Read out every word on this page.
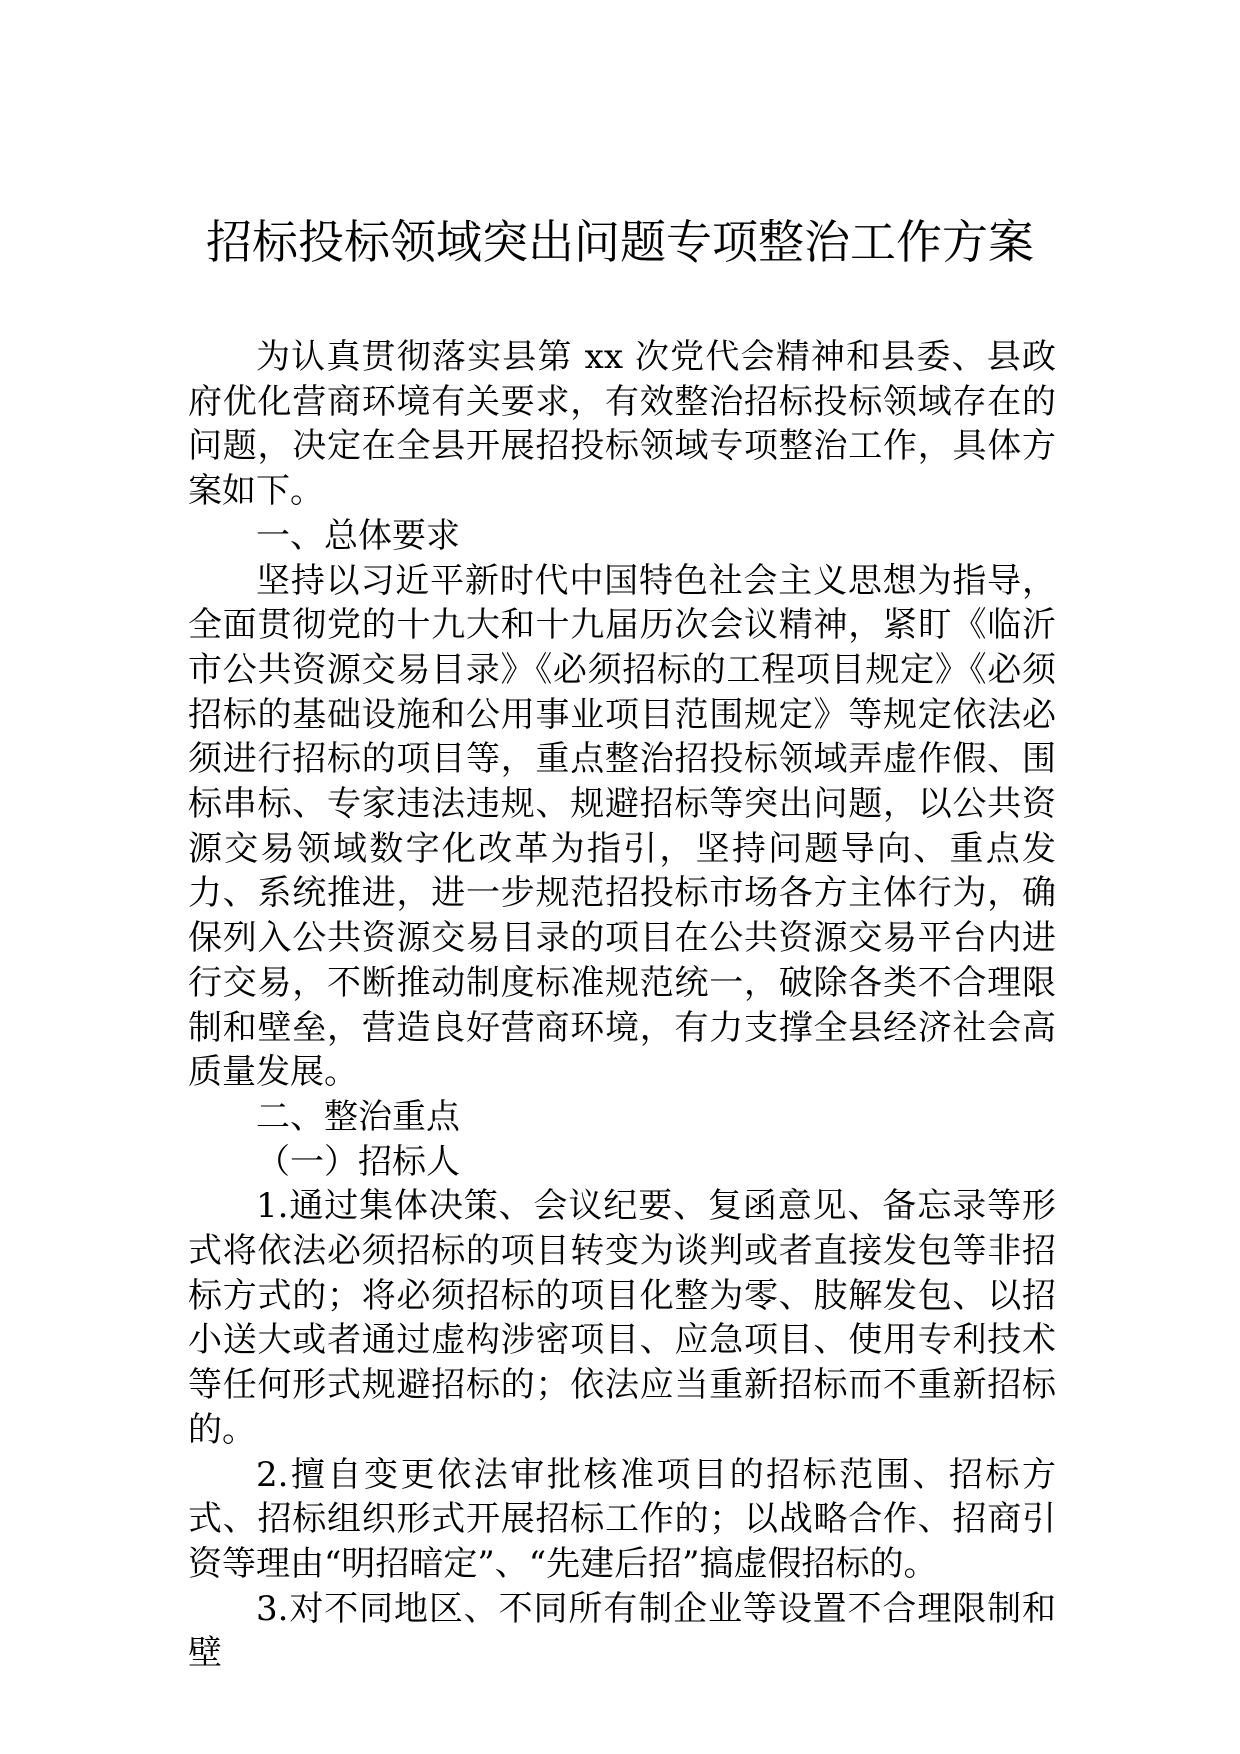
招标投标领域突出问题专项整治工作方案

为认真贯彻落实县第 xx 次党代会精神和县委、县政府优化营商环境有关要求，有效整治招标投标领域存在的问题，决定在全县开展招投标领域专项整治工作，具体方案如下。

一、总体要求

坚持以习近平新时代中国特色社会主义思想为指导，全面贯彻党的十九大和十九届历次会议精神，紧盯《临沂市公共资源交易目录》《必须招标的工程项目规定》《必须招标的基础设施和公用事业项目范围规定》等规定依法必须进行招标的项目等，重点整治招投标领域弄虚作假、围标串标、专家违法违规、规避招标等突出问题，以公共资源交易领域数字化改革为指引，坚持问题导向、重点发力、系统推进，进一步规范招投标市场各方主体行为，确保列入公共资源交易目录的项目在公共资源交易平台内进行交易，不断推动制度标准规范统一，破除各类不合理限制和壁垒，营造良好营商环境，有力支撑全县经济社会高质量发展。

二、整治重点

（一）招标人

1.通过集体决策、会议纪要、复函意见、备忘录等形式将依法必须招标的项目转变为谈判或者直接发包等非招标方式的；将必须招标的项目化整为零、肢解发包、以招小送大或者通过虚构涉密项目、应急项目、使用专利技术等任何形式规避招标的；依法应当重新招标而不重新招标的。

2.擅自变更依法审批核准项目的招标范围、招标方式、招标组织形式开展招标工作的；以战略合作、招商引资等理由“明招暗定”、“先建后招”搞虚假招标的。

3.对不同地区、不同所有制企业等设置不合理限制和壁
